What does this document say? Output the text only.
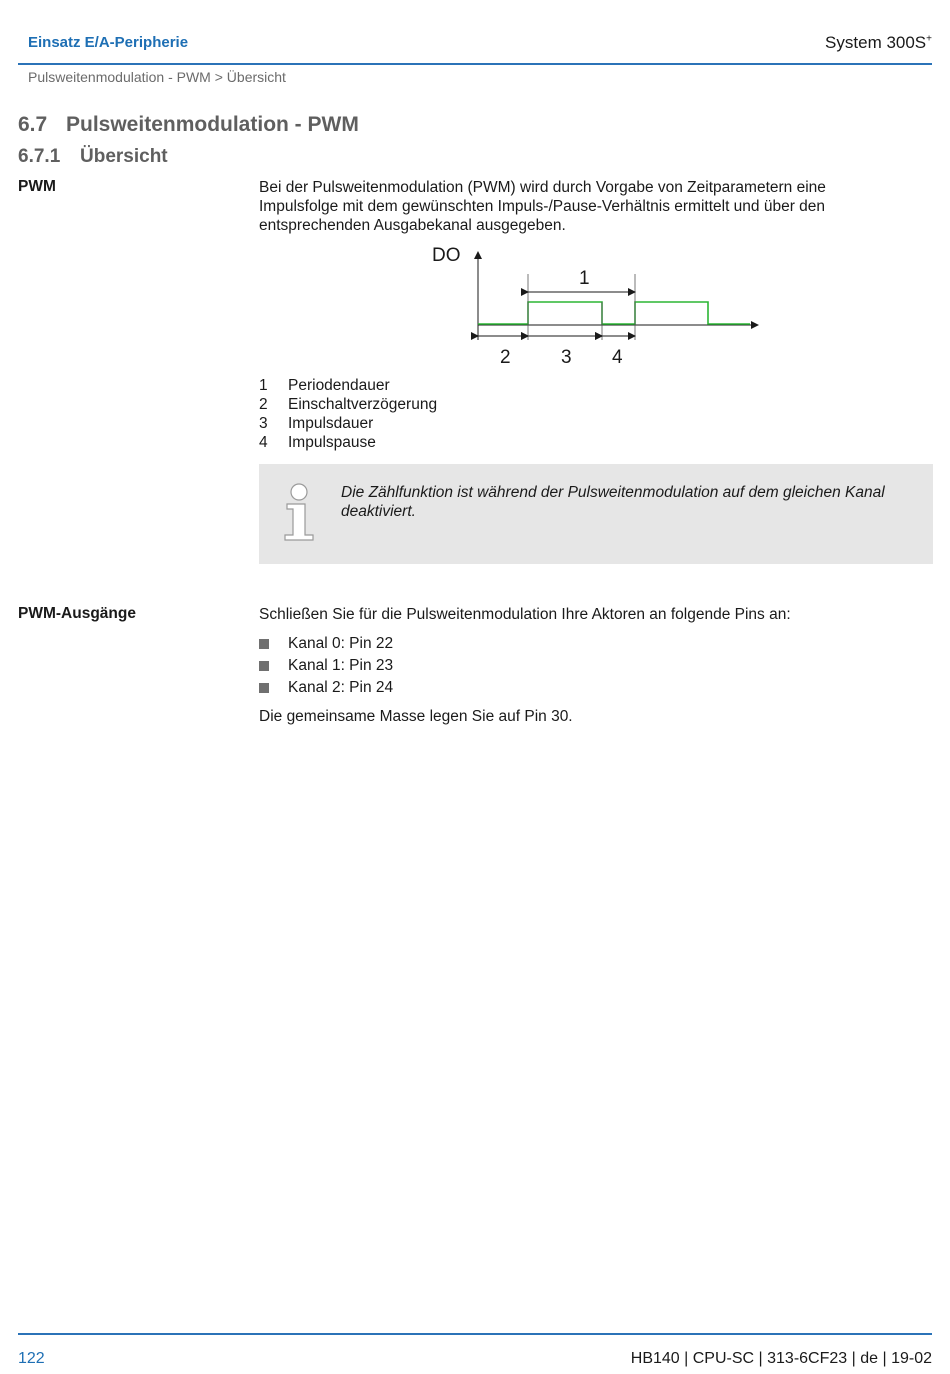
Einsatz E/A-Peripherie	System 300S+
Pulsweitenmodulation - PWM > Übersicht
6.7 Pulsweitenmodulation - PWM
6.7.1 Übersicht
PWM	Bei der Pulsweitenmodulation (PWM) wird durch Vorgabe von Zeitparametern eine Impulsfolge mit dem gewünschten Impuls-/Pause-Verhältnis ermittelt und über den entsprechenden Ausgabekanal ausgegeben.
DO
1
2	3 4
1	Periodendauer
2	Einschaltverzögerung
3	Impulsdauer
4	Impulspause
Die Zählfunktion ist während der Pulsweitenmodulation auf dem gleichen Kanal deaktiviert.
PWM-Ausgänge	Schließen Sie für die Pulsweitenmodulation Ihre Aktoren an folgende Pins an:
Kanal 0: Pin 22
Kanal 1: Pin 23
Kanal 2: Pin 24
Die gemeinsame Masse legen Sie auf Pin 30.
122	HB140 | CPU-SC | 313-6CF23 | de | 19-02
